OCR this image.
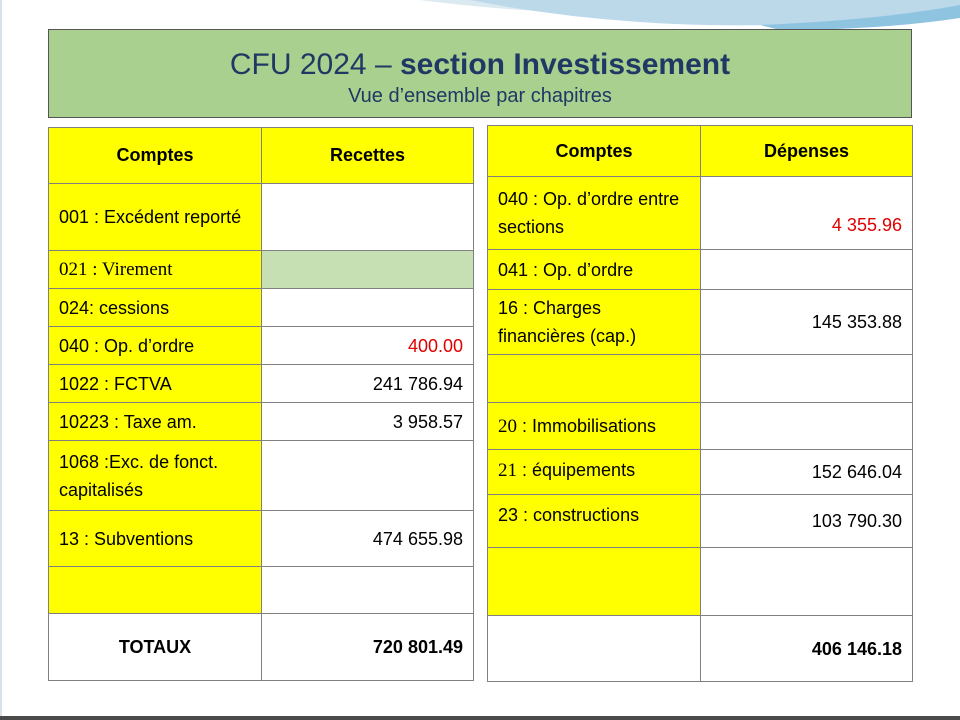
CFU 2024 – section Investissement
Vue d’ensemble par chapitres
Comptes	Recettes
001 : Excédent reporté	
021 : Virement	
024: cessions	
040 : Op. d’ordre	400.00
1022 : FCTVA	241 786.94
10223 : Taxe am.	3 958.57
1068 :Exc. de fonct. capitalisés	
13 : Subventions	474 655.98

TOTAUX	720 801.49
Comptes	Dépenses
040 : Op. d’ordre entre sections	4 355.96
041 : Op. d’ordre	
16 : Charges financières (cap.)	145 353.88

20 : Immobilisations	
21 : équipements	152 646.04
23 : constructions	103 790.30

	406 146.18
